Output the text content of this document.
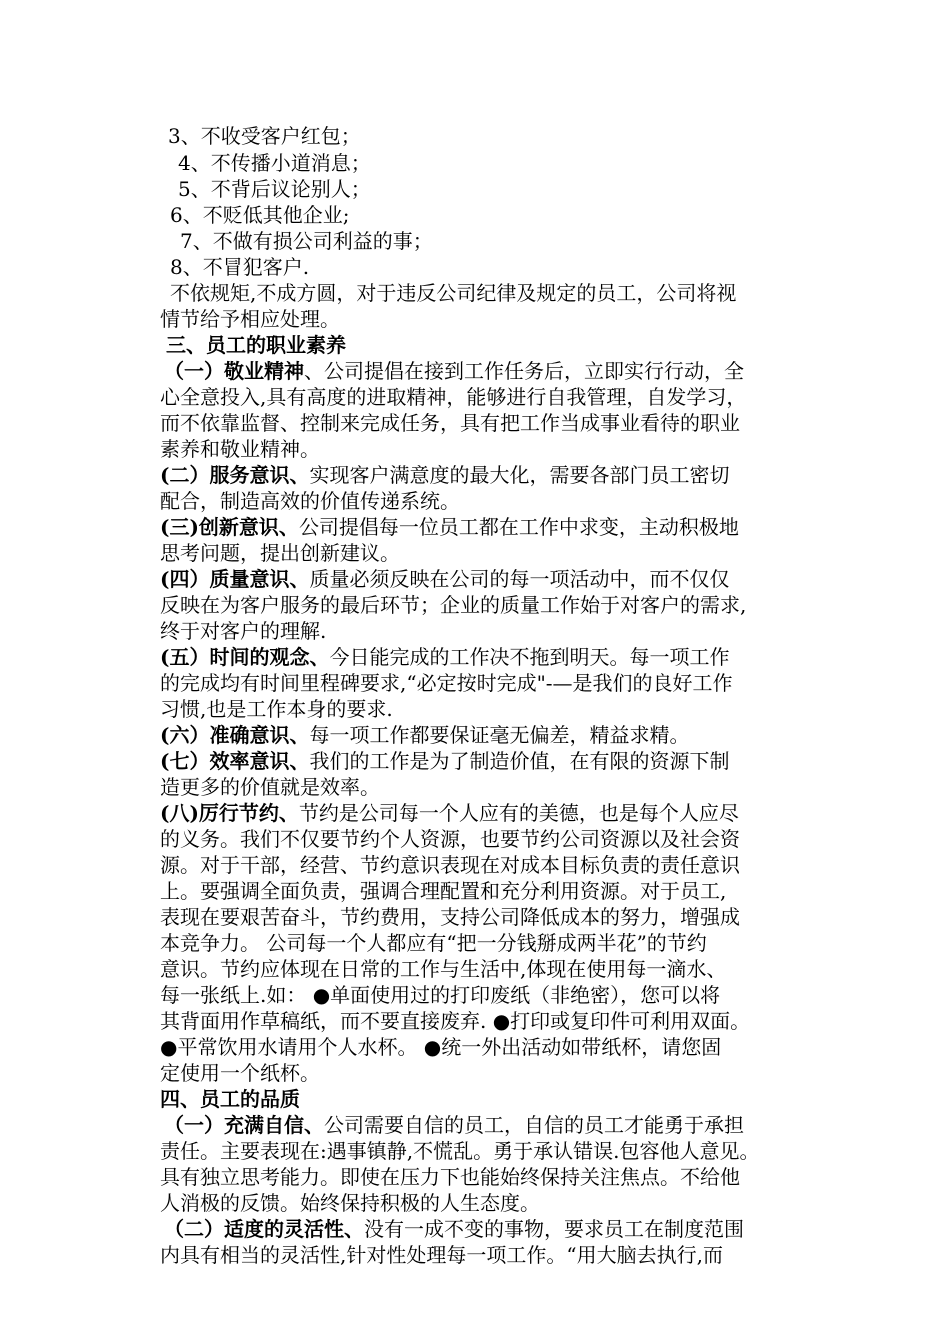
3、不收受客户红包；
4、不传播小道消息；
5、不背后议论别人；
6、不贬低其他企业;
7、不做有损公司利益的事；
8、不冒犯客户.
不依规矩,不成方圆，对于违反公司纪律及规定的员工，公司将视
情节给予相应处理。
三、员工的职业素养
（一）敬业精神、公司提倡在接到工作任务后，立即实行行动，全
心全意投入,具有高度的进取精神，能够进行自我管理，自发学习，
而不依靠监督、控制来完成任务，具有把工作当成事业看待的职业
素养和敬业精神。
(二）服务意识、实现客户满意度的最大化，需要各部门员工密切
配合，制造高效的价值传递系统。
(三)创新意识、公司提倡每一位员工都在工作中求变，主动积极地
思考问题，提出创新建议。
(四）质量意识、质量必须反映在公司的每一项活动中，而不仅仅
反映在为客户服务的最后环节；企业的质量工作始于对客户的需求,
终于对客户的理解.
(五）时间的观念、今日能完成的工作决不拖到明天。每一项工作
的完成均有时间里程碑要求,“必定按时完成"-—是我们的良好工作
习惯,也是工作本身的要求.
(六）准确意识、每一项工作都要保证毫无偏差，精益求精。
(七）效率意识、我们的工作是为了制造价值，在有限的资源下制
造更多的价值就是效率。
(八)厉行节约、节约是公司每一个人应有的美德，也是每个人应尽
的义务。我们不仅要节约个人资源，也要节约公司资源以及社会资
源。对于干部，经营、节约意识表现在对成本目标负责的责任意识
上。要强调全面负责，强调合理配置和充分利用资源。对于员工,
表现在要艰苦奋斗，节约费用，支持公司降低成本的努力，增强成
本竞争力。 公司每一个人都应有“把一分钱掰成两半花”的节约
意识。节约应体现在日常的工作与生活中,体现在使用每一滴水、
每一张纸上.如： ●单面使用过的打印废纸（非绝密），您可以将
其背面用作草稿纸，而不要直接废弃. ●打印或复印件可利用双面。
●平常饮用水请用个人水杯。 ●统一外出活动如带纸杯，请您固
定使用一个纸杯。
四、员工的品质
（一）充满自信、公司需要自信的员工，自信的员工才能勇于承担
责任。主要表现在:遇事镇静,不慌乱。勇于承认错误.包容他人意见。
具有独立思考能力。即使在压力下也能始终保持关注焦点。不给他
人消极的反馈。始终保持积极的人生态度。
（二）适度的灵活性、没有一成不变的事物，要求员工在制度范围
内具有相当的灵活性,针对性处理每一项工作。“用大脑去执行,而
